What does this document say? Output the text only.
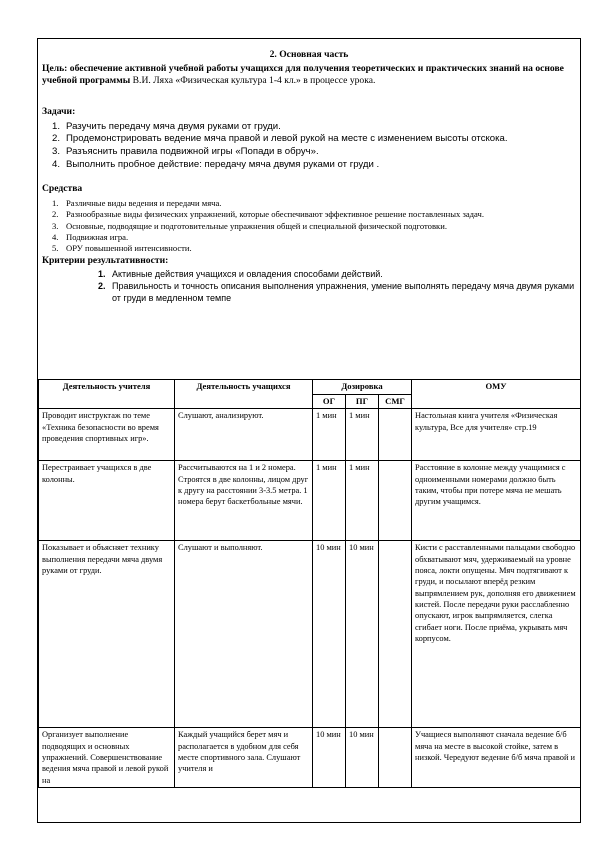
2. Основная часть

Цель: обеспечение активной учебной работы учащихся для получения теоретических и практических знаний на основе учебной программы В.И. Ляха «Физическая культура 1-4 кл.» в процессе урока.

Задачи:

1. Разучить передачу мяча двумя руками от груди.
2. Продемонстрировать ведение мяча правой и левой рукой на месте с изменением высоты отскока.
3. Разъяснить правила подвижной игры «Попади в обруч».
4. Выполнить пробное действие: передачу мяча двумя руками от груди .

Средства

1. Различные виды ведения и передачи мяча.
2. Разнообразные виды физических упражнений, которые обеспечивают эффективное решение поставленных задач.
3. Основные, подводящие и подготовительные упражнения общей и специальной физической подготовки.
4. Подвижная игра.
5. ОРУ повышенной интенсивности.

Критерии результативности:

1. Активные действия учащихся и овладения способами действий.
2. Правильность и точность описания выполнения упражнения, умение выполнять передачу мяча двумя руками от груди в медленном темпе
Деятельность учителя	Деятельность учащихся	Дозировка			ОМУ
		ОГ	ПГ	СМГ	
Проводит инструктаж по теме «Техника безопасности во время проведения спортивных игр».	Слушают, анализируют.	1 мин	1 мин		Настольная книга учителя «Физическая культура, Все для учителя» стр.19
Перестраивает учащихся в две колонны.	Рассчитываются на 1 и 2 номера. Строятся в две колонны, лицом друг к другу на расстоянии 3-3.5 метра. 1 номера берут баскетбольные мячи.	1 мин	1 мин		Расстояние в колонне между учащимися с одноименными номерами должно быть таким, чтобы при потере мяча не мешать другим учащимся.
Показывает и объясняет технику выполнения передачи мяча двумя руками от груди.	Слушают и выполняют.	10 мин	10 мин		Кисти с расставленными пальцами свободно обхватывают мяч, удерживаемый на уровне пояса, локти опущены. Мяч подтягивают к груди, и посылают вперёд резким выпрямлением рук, дополняя его движением кистей. После передачи руки расслабленно опускают, игрок выпрямляется, слегка сгибает ноги. После приёма, укрывать мяч корпусом.
Организует выполнение подводящих и основных упражнений. Совершенствование ведения мяча правой и левой рукой на	Каждый учащийся берет мяч и располагается в удобном для себя месте спортивного зала. Слушают учителя и	10 мин	10 мин		Учащиеся выполняют сначала ведение б/б мяча на месте в высокой стойке, затем в низкой. Чередуют ведение б/б мяча правой и
